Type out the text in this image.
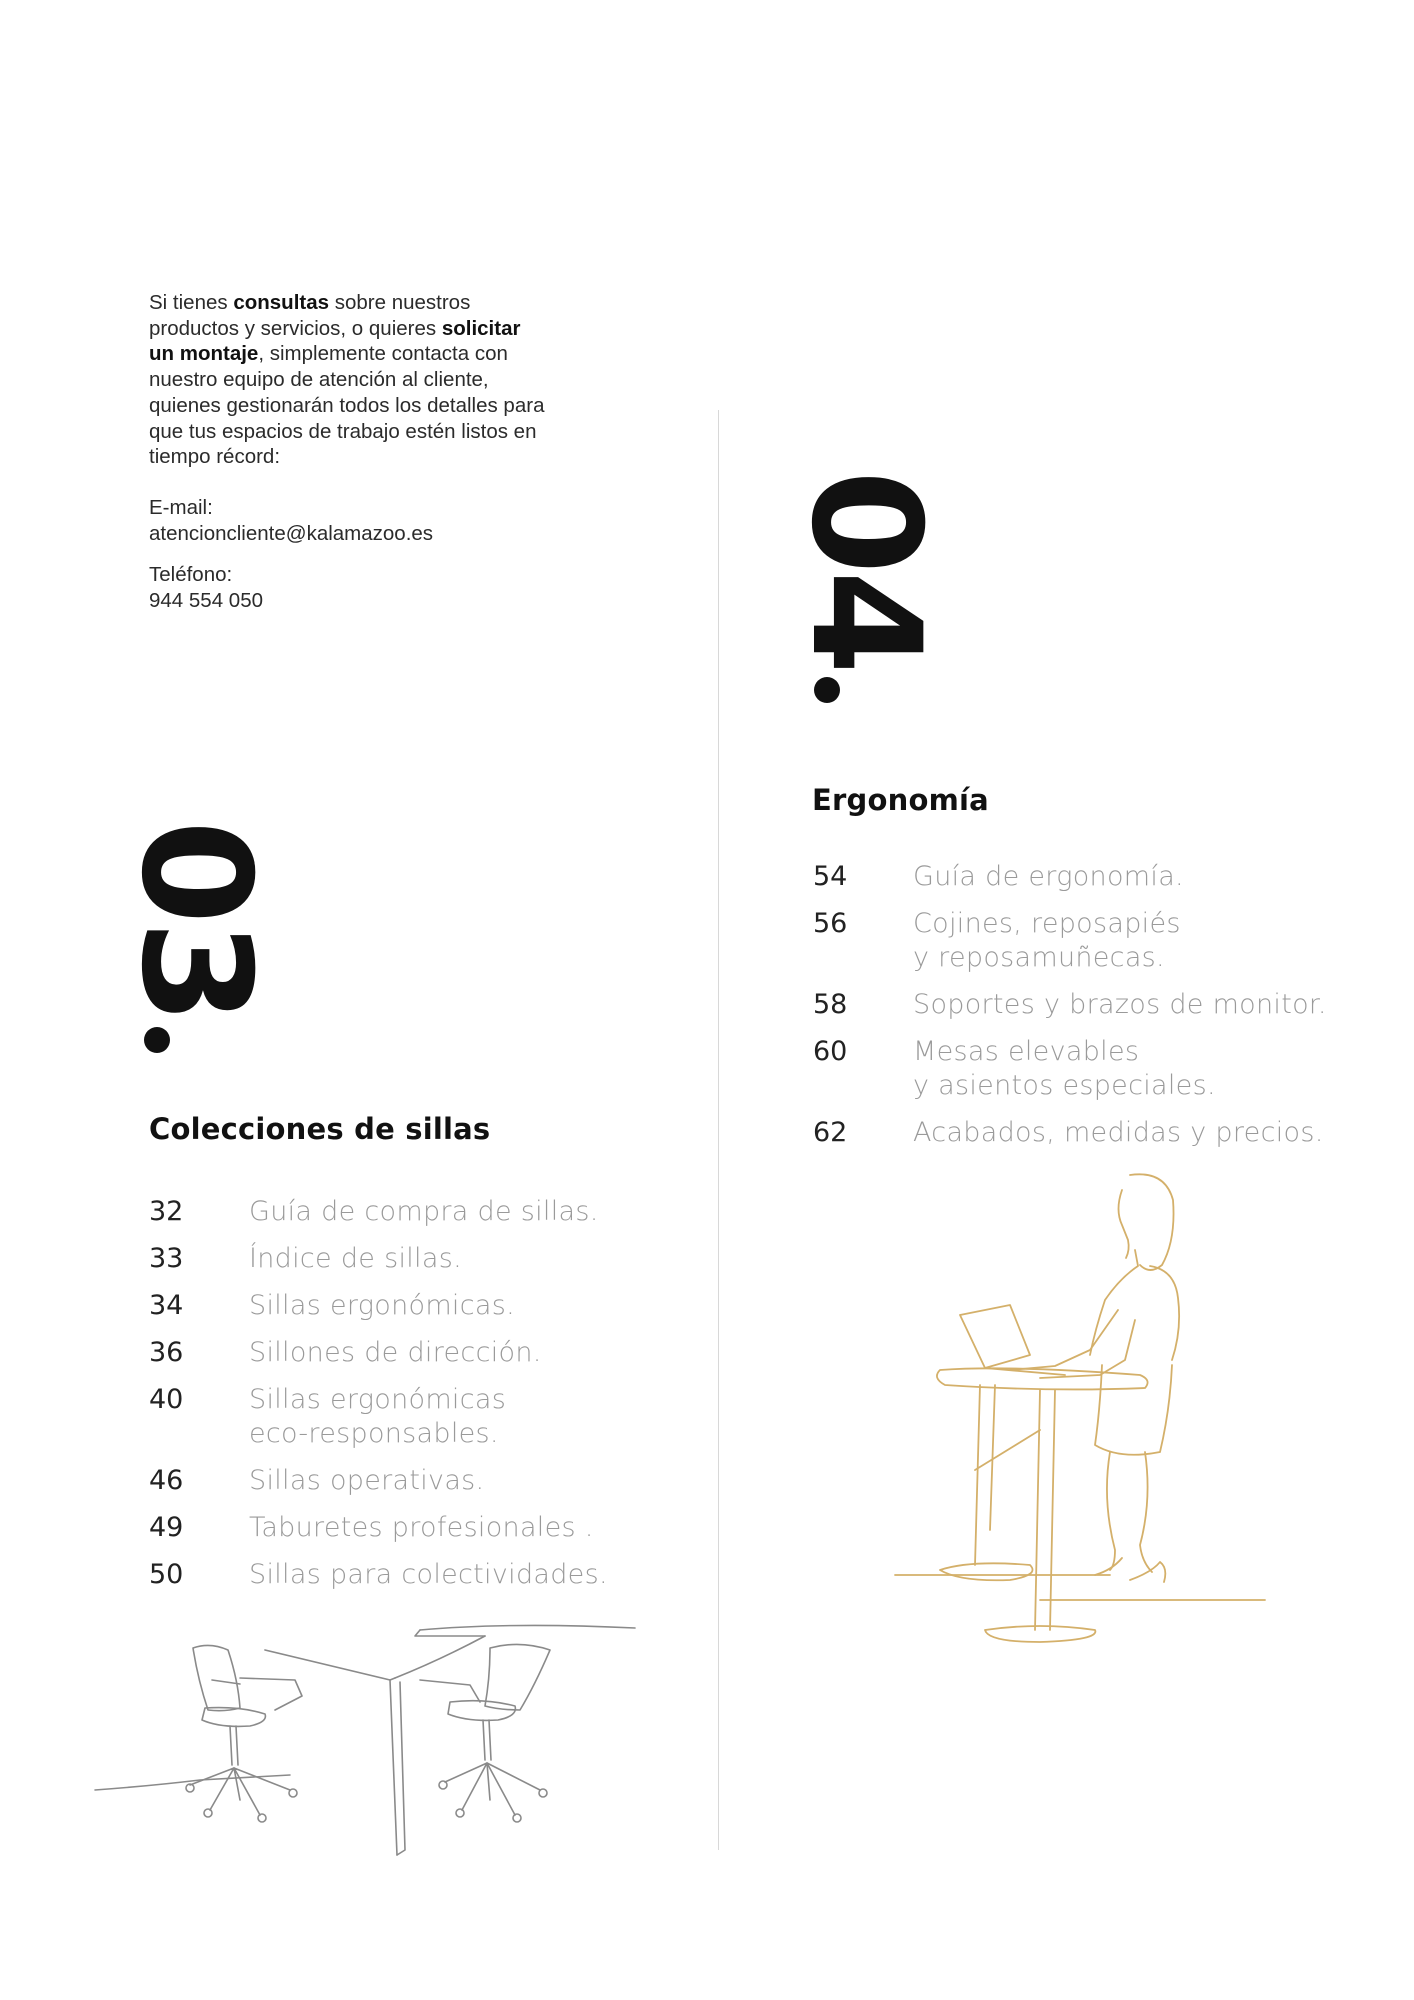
Si tienes consultas sobre nuestros productos y servicios, o quieres solicitar un montaje, simplemente contacta con nuestro equipo de atención al cliente, quienes gestionarán todos los detalles para que tus espacios de trabajo estén listos en tiempo récord:

E-mail:

atencioncliente@kalamazoo.es

Teléfono:

944 554 050

03
04
Colecciones de sillas
Ergonomía
32	Guía de compra de sillas.
33	Índice de sillas.
34	Sillas ergonómicas.
36	Sillones de dirección.
40	Sillas ergonómicas
eco-responsables.
46	Sillas operativas.
49	Taburetes profesionales .
50	Sillas para colectividades.
54	Guía de ergonomía.
56	Cojines, reposapiés
y reposamuñecas.
58	Soportes y brazos de monitor.
60	Mesas elevables
y asientos especiales.
62	Acabados, medidas y precios.
